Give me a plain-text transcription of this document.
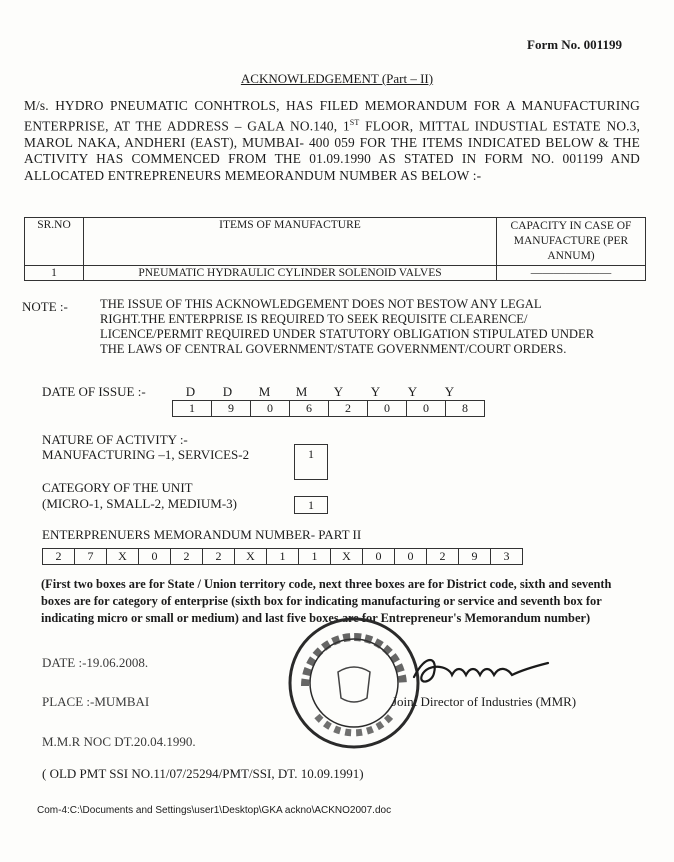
Form No. 001199
ACKNOWLEDGEMENT (Part – II)
M/s. HYDRO PNEUMATIC CONHTROLS, HAS FILED MEMORANDUM FOR A MANUFACTURING ENTERPRISE, AT THE ADDRESS – GALA NO.140, 1ST FLOOR, MITTAL INDUSTIAL ESTATE NO.3, MAROL NAKA, ANDHERI (EAST), MUMBAI- 400 059 FOR THE ITEMS INDICATED BELOW & THE ACTIVITY HAS COMMENCED FROM THE 01.09.1990 AS STATED IN FORM NO. 001199 AND ALLOCATED ENTREPRENEURS MEMEORANDUM NUMBER AS BELOW :-
SR.NO	ITEMS OF MANUFACTURE	CAPACITY IN CASE OF MANUFACTURE (PER ANNUM)
1	PNEUMATIC HYDRAULIC CYLINDER SOLENOID VALVES	———————
NOTE :-	THE ISSUE OF THIS ACKNOWLEDGEMENT DOES NOT BESTOW ANY LEGAL RIGHT.THE ENTERPRISE IS REQUIRED TO SEEK REQUISITE CLEARENCE/ LICENCE/PERMIT REQUIRED UNDER STATUTORY OBLIGATION STIPULATED UNDER THE LAWS OF CENTRAL GOVERNMENT/STATE GOVERNMENT/COURT ORDERS.
DATE OF ISSUE :-	D	D	M	M	Y	Y	Y	Y
1	9	0	6	2	0	0	8
NATURE OF ACTIVITY :-
MANUFACTURING –1, SERVICES-2	1
CATEGORY OF THE UNIT
(MICRO-1, SMALL-2, MEDIUM-3)	1
ENTERPRENUERS MEMORANDUM NUMBER- PART II
2	7	X	0	2	2	X	1	1	X	0	0	2	9	3
(First two boxes are for State / Union territory code, next three boxes are for District code, sixth and seventh boxes are for category of enterprise (sixth box for indicating manufacturing or service and seventh box for indicating micro or small or medium) and last five boxes are for Entrepreneur's Memorandum number)
DATE :-19.06.2008.
PLACE :-MUMBAI	Joint Director of Industries (MMR)
M.M.R NOC DT.20.04.1990.
( OLD PMT SSI NO.11/07/25294/PMT/SSI, DT. 10.09.1991)
Com-4:C:\Documents and Settings\user1\Desktop\GKA ackno\ACKNO2007.doc
